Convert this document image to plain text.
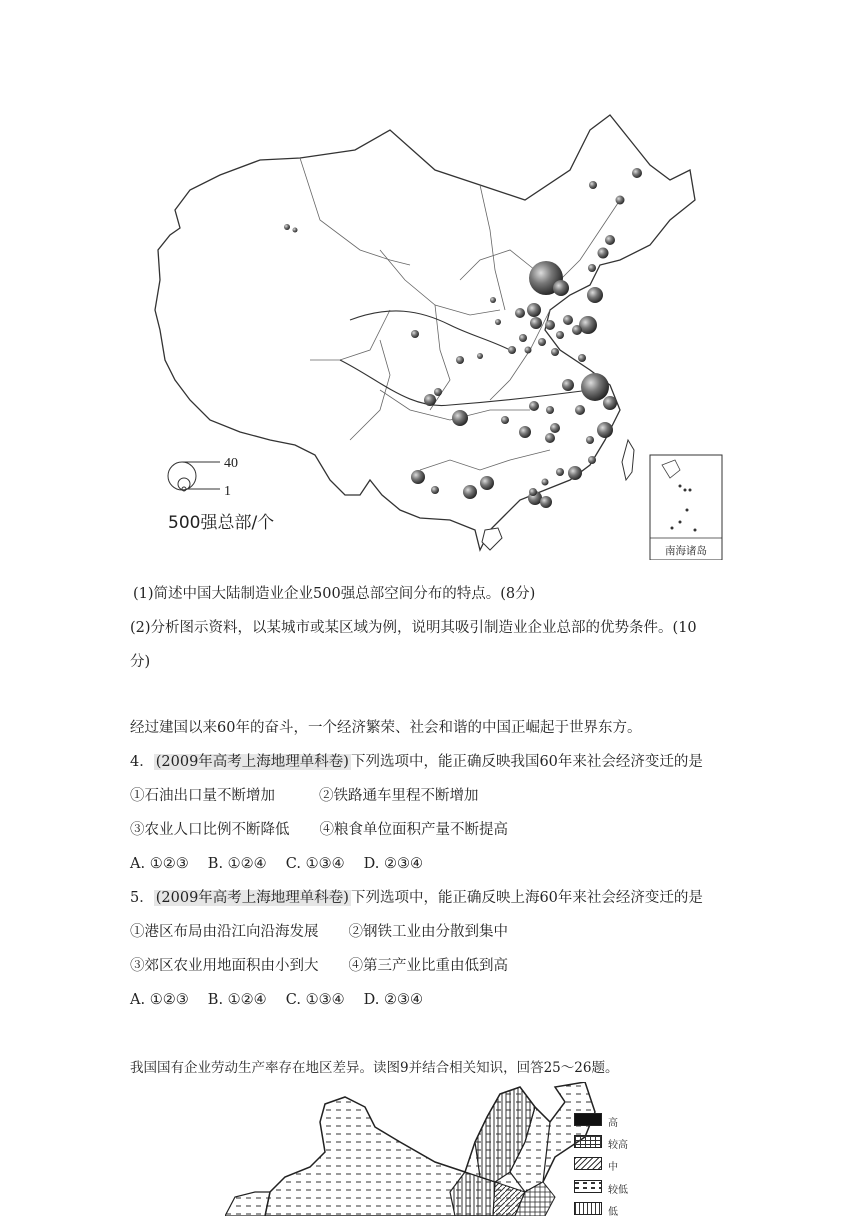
40
1
500强总部/个
南海诸岛
(1)简述中国大陆制造业企业500强总部空间分布的特点。(8分)
(2)分析图示资料，以某城市或某区域为例，说明其吸引制造业企业总部的优势条件。(10
分)
经过建国以来60年的奋斗，一个经济繁荣、社会和谐的中国正崛起于世界东方。
4． (2009年高考上海地理单科卷) 下列选项中，能正确反映我国60年来社会经济变迁的是
①石油出口量不断增加	②铁路通车里程不断增加
③农业人口比例不断降低 ④粮食单位面积产量不断提高
A. ①②③　 B. ①②④　 C. ①③④　 D. ②③④
5． (2009年高考上海地理单科卷) 下列选项中，能正确反映上海60年来社会经济变迁的是
①港区布局由沿江向沿海发展 ②钢铁工业由分散到集中
③郊区农业用地面积由小到大 ④第三产业比重由低到高
A. ①②③　 B. ①②④　 C. ①③④　 D. ②③④
我国国有企业劳动生产率存在地区差异。读图9并结合相关知识，回答25～26题。
高
较高
中
较低
低
